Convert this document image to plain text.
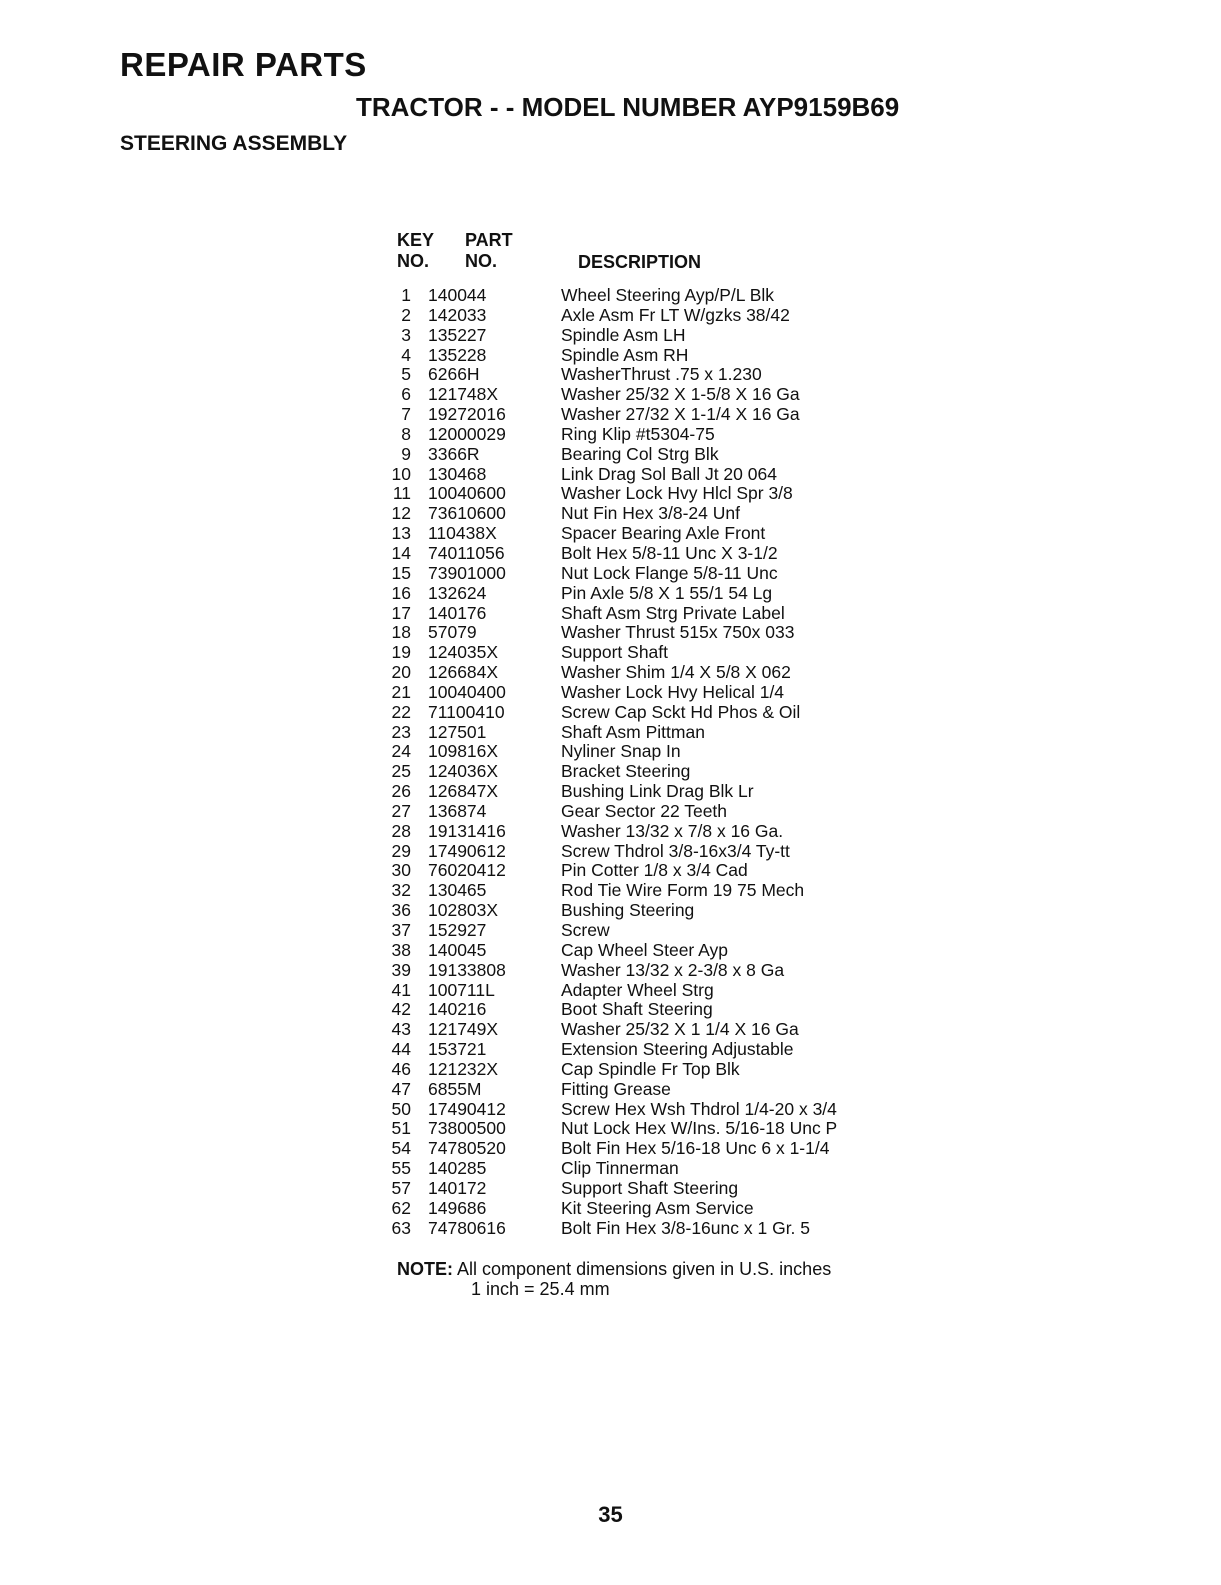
REPAIR PARTS
TRACTOR - - MODEL NUMBER AYP9159B69
STEERING ASSEMBLY
KEY
NO.
PART
NO.	DESCRIPTION
1 140044	Wheel Steering Ayp/P/L Blk
2 142033	Axle Asm Fr LT W/gzks 38/42
3 135227	Spindle Asm LH
4 135228	Spindle Asm RH
5 6266H	WasherThrust .75 x 1.230
6 121748X	Washer 25/32 X 1-5/8 X 16 Ga
7 19272016	Washer 27/32 X 1-1/4 X 16 Ga
8 12000029	Ring Klip #t5304-75
9 3366R	Bearing Col Strg Blk
10 130468	Link Drag Sol Ball Jt 20 064
11 10040600	Washer Lock Hvy Hlcl Spr 3/8
12 73610600	Nut Fin Hex 3/8-24 Unf
13 110438X	Spacer Bearing Axle Front
14 74011056	Bolt Hex 5/8-11 Unc X 3-1/2
15 73901000	Nut Lock Flange 5/8-11 Unc
16 132624	Pin Axle 5/8 X 1 55/1 54 Lg
17 140176	Shaft Asm Strg Private Label
18 57079	Washer Thrust 515x 750x 033
19 124035X	Support Shaft
20 126684X	Washer Shim 1/4 X 5/8 X 062
21 10040400	Washer Lock Hvy Helical 1/4
22 71100410	Screw Cap Sckt Hd Phos & Oil
23 127501	Shaft Asm Pittman
24 109816X	Nyliner Snap In
25 124036X	Bracket Steering
26 126847X	Bushing Link Drag Blk Lr
27 136874	Gear Sector 22 Teeth
28 19131416	Washer 13/32 x 7/8 x 16 Ga.
29 17490612	Screw Thdrol 3/8-16x3/4 Ty-tt
30 76020412	Pin Cotter 1/8 x 3/4 Cad
32 130465	Rod Tie Wire Form 19 75 Mech
36 102803X	Bushing Steering
37 152927	Screw
38 140045	Cap Wheel Steer Ayp
39 19133808	Washer 13/32 x 2-3/8 x 8 Ga
41 100711L	Adapter Wheel Strg
42 140216	Boot Shaft Steering
43 121749X	Washer 25/32 X 1 1/4 X 16 Ga
44 153721	Extension Steering Adjustable
46 121232X	Cap Spindle Fr Top Blk
47 6855M	Fitting Grease
50 17490412	Screw Hex Wsh Thdrol 1/4-20 x 3/4
51 73800500	Nut Lock Hex W/Ins. 5/16-18 Unc P
54 74780520	Bolt Fin Hex 5/16-18 Unc 6 x 1-1/4
55 140285	Clip Tinnerman
57 140172	Support Shaft Steering
62 149686	Kit Steering Asm Service
63 74780616	Bolt Fin Hex 3/8-16unc x 1 Gr. 5
NOTE: All component dimensions given in U.S. inches
1 inch = 25.4 mm
35
